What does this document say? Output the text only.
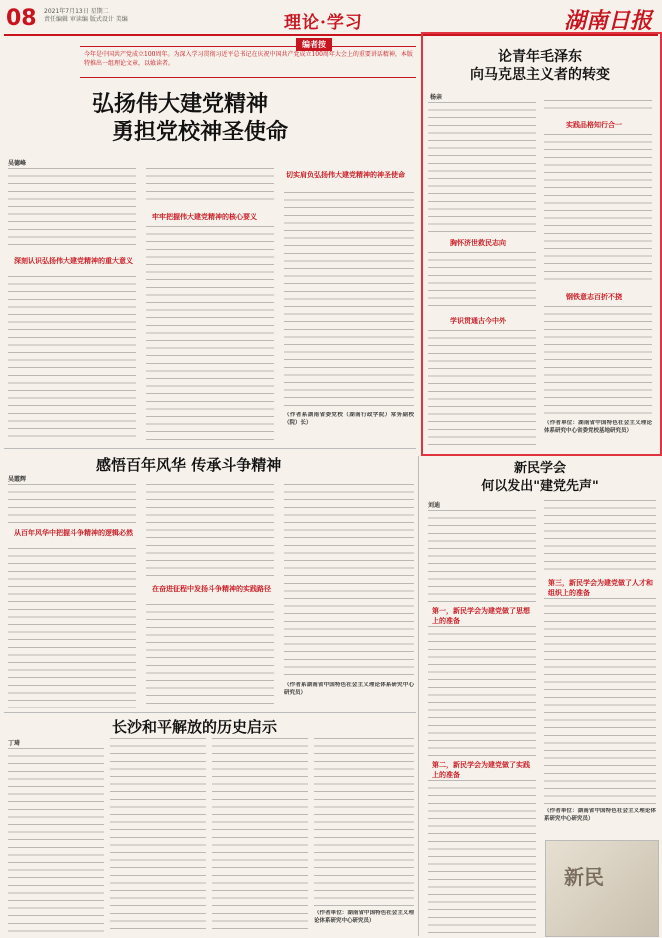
08 2021年7月13日 星期二
责任编辑 审读编 版式设计 美编	理论·学习	湖南日报
编者按
今年是中国共产党成立100周年。为深入学习贯彻习近平总书记在庆祝中国共产党成立100周年大会上的重要讲话精神，本版特推出一组理论文章，以飨读者。
弘扬伟大建党精神
勇担党校神圣使命
吴德峰
深刻认识弘扬伟大建党精神的重大意义
牢牢把握伟大建党精神的核心要义
切实肩负弘扬伟大建党精神的神圣使命
（作者系湖南省委党校（湖南行政学院）常务副校（院）长）
论青年毛泽东
向马克思主义者的转变
杨亲
胸怀济世救民志向
学识贯通古今中外
实践品格知行合一
钢铁意志百折不挠
（作者单位：湖南省中国特色社会主义理论体系研究中心省委党校基地研究员）
感悟百年风华 传承斗争精神
吴霞辉
从百年风华中把握斗争精神的逻辑必然
在奋进征程中发扬斗争精神的实践路径
（作者系湖南省中国特色社会主义理论体系研究中心研究员）
长沙和平解放的历史启示
丁琦
（作者单位：湖南省中国特色社会主义理论体系研究中心研究员）
新民学会
何以发出"建党先声"
刘迪
第一，新民学会为建党做了思想上的准备
第二，新民学会为建党做了实践上的准备
第三，新民学会为建党做了人才和组织上的准备
（作者单位：湖南省中国特色社会主义理论体系研究中心研究员）
新民
